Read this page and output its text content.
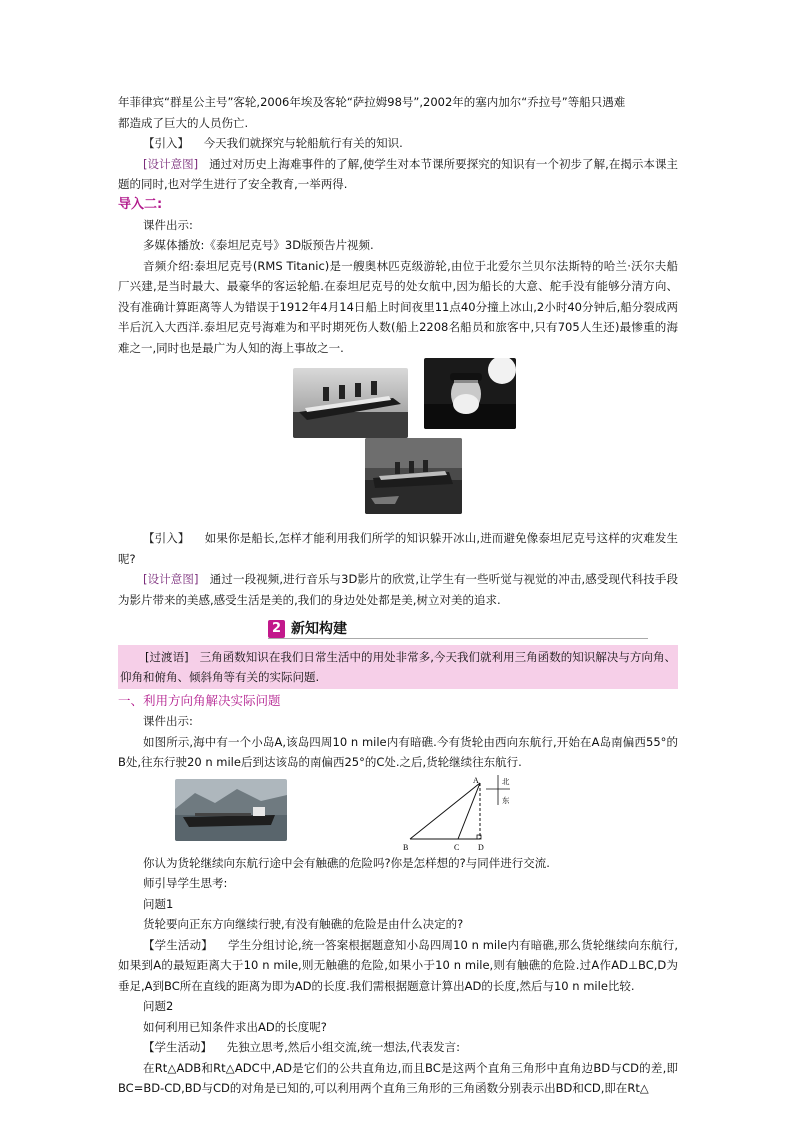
年菲律宾“群星公主号”客轮,2006年埃及客轮“萨拉姆98号”,2002年的塞内加尔“乔拉号”等船只遇难

都造成了巨大的人员伤亡.

【引入】 今天我们就探究与轮船航行有关的知识.

[设计意图] 通过对历史上海难事件的了解,使学生对本节课所要探究的知识有一个初步了解,在揭示本课主题的同时,也对学生进行了安全教育,一举两得.

导入二:

课件出示:

多媒体播放:《泰坦尼克号》3D版预告片视频.

音频介绍:泰坦尼克号(RMS Titanic)是一艘奥林匹克级游轮,由位于北爱尔兰贝尔法斯特的哈兰·沃尔夫船厂兴建,是当时最大、最豪华的客运轮船.在泰坦尼克号的处女航中,因为船长的大意、舵手没有能够分清方向、没有准确计算距离等人为错误于1912年4月14日船上时间夜里11点40分撞上冰山,2小时40分钟后,船分裂成两半后沉入大西洋.泰坦尼克号海难为和平时期死伤人数(船上2208名船员和旅客中,只有705人生还)最惨重的海难之一,同时也是最广为人知的海上事故之一.

【引入】 如果你是船长,怎样才能利用我们所学的知识躲开冰山,进而避免像泰坦尼克号这样的灾难发生呢?

[设计意图] 通过一段视频,进行音乐与3D影片的欣赏,让学生有一些听觉与视觉的冲击,感受现代科技手段为影片带来的美感,感受生活是美的,我们的身边处处都是美,树立对美的追求.

2 新知构建

[过渡语] 三角函数知识在我们日常生活中的用处非常多,今天我们就利用三角函数的知识解决与方向角、仰角和俯角、倾斜角等有关的实际问题.

一、利用方向角解决实际问题

课件出示:

如图所示,海中有一个小岛A,该岛四周10 n mile内有暗礁.今有货轮由西向东航行,开始在A岛南偏西55°的B处,往东行驶20 n mile后到达该岛的南偏西25°的C处.之后,货轮继续往东航行.

B	C D
A	北
东

你认为货轮继续向东航行途中会有触礁的危险吗?你是怎样想的?与同伴进行交流.

师引导学生思考:

问题1

货轮要向正东方向继续行驶,有没有触礁的危险是由什么决定的?

【学生活动】 学生分组讨论,统一答案根据题意知小岛四周10 n mile内有暗礁,那么货轮继续向东航行,如果到A的最短距离大于10 n mile,则无触礁的危险,如果小于10 n mile,则有触礁的危险.过A作AD⊥BC,D为垂足,A到BC所在直线的距离为即为AD的长度.我们需根据题意计算出AD的长度,然后与10 n mile比较.

问题2

如何利用已知条件求出AD的长度呢?

【学生活动】 先独立思考,然后小组交流,统一想法,代表发言:

在Rt△ADB和Rt△ADC中,AD是它们的公共直角边,而且BC是这两个直角三角形中直角边BD与CD的差,即BC=BD-CD,BD与CD的对角是已知的,可以利用两个直角三角形的三角函数分别表示出BD和CD,即在Rt△
